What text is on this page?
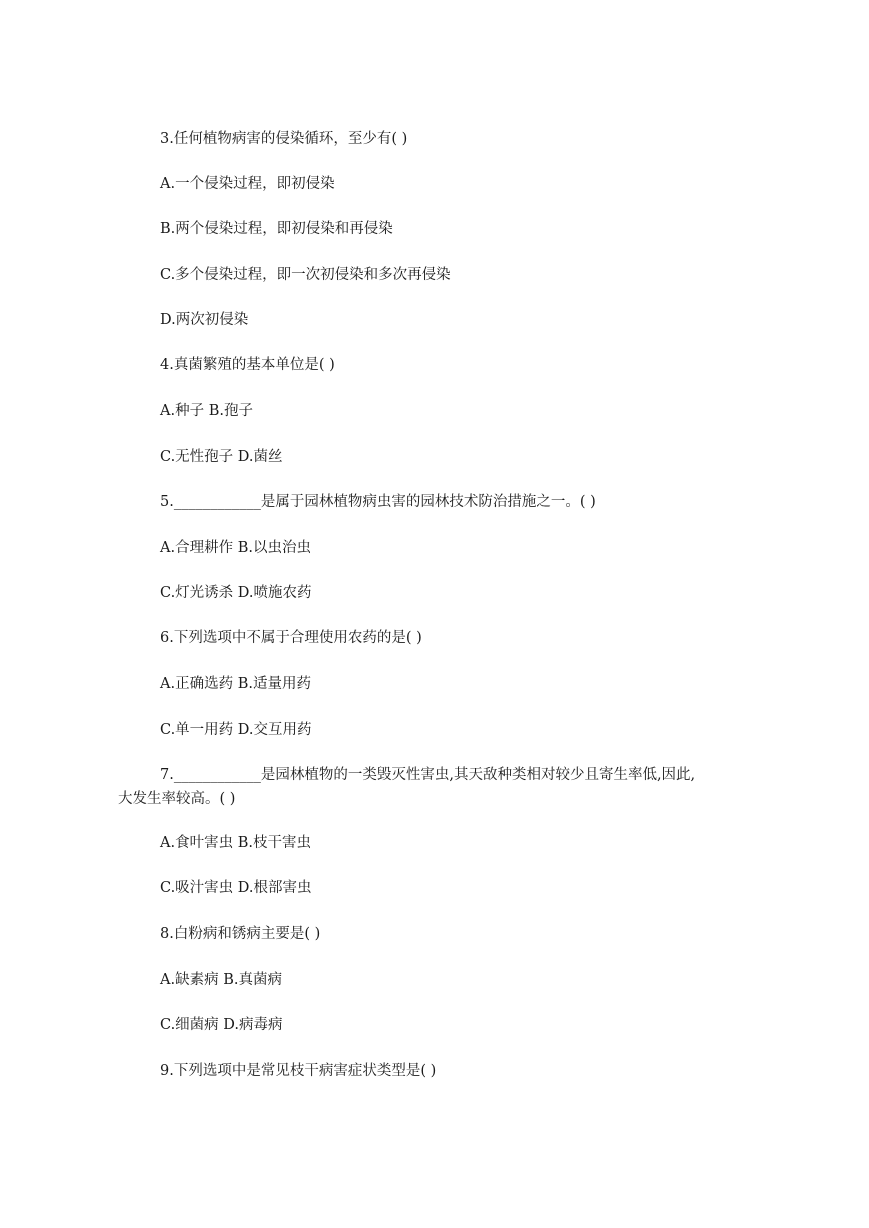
3.任何植物病害的侵染循环，至少有( )
A.一个侵染过程，即初侵染
B.两个侵染过程，即初侵染和再侵染
C.多个侵染过程，即一次初侵染和多次再侵染
D.两次初侵染
4.真菌繁殖的基本单位是( )
A.种子 B.孢子
C.无性孢子 D.菌丝
5.____________是属于园林植物病虫害的园林技术防治措施之一。( )
A.合理耕作 B.以虫治虫
C.灯光诱杀 D.喷施农药
6.下列选项中不属于合理使用农药的是( )
A.正确选药 B.适量用药
C.单一用药 D.交互用药
7.____________是园林植物的一类毁灭性害虫,其天敌种类相对较少且寄生率低,因此,
大发生率较高。( )
A.食叶害虫 B.枝干害虫
C.吸汁害虫 D.根部害虫
8.白粉病和锈病主要是( )
A.缺素病 B.真菌病
C.细菌病 D.病毒病
9.下列选项中是常见枝干病害症状类型是( )
